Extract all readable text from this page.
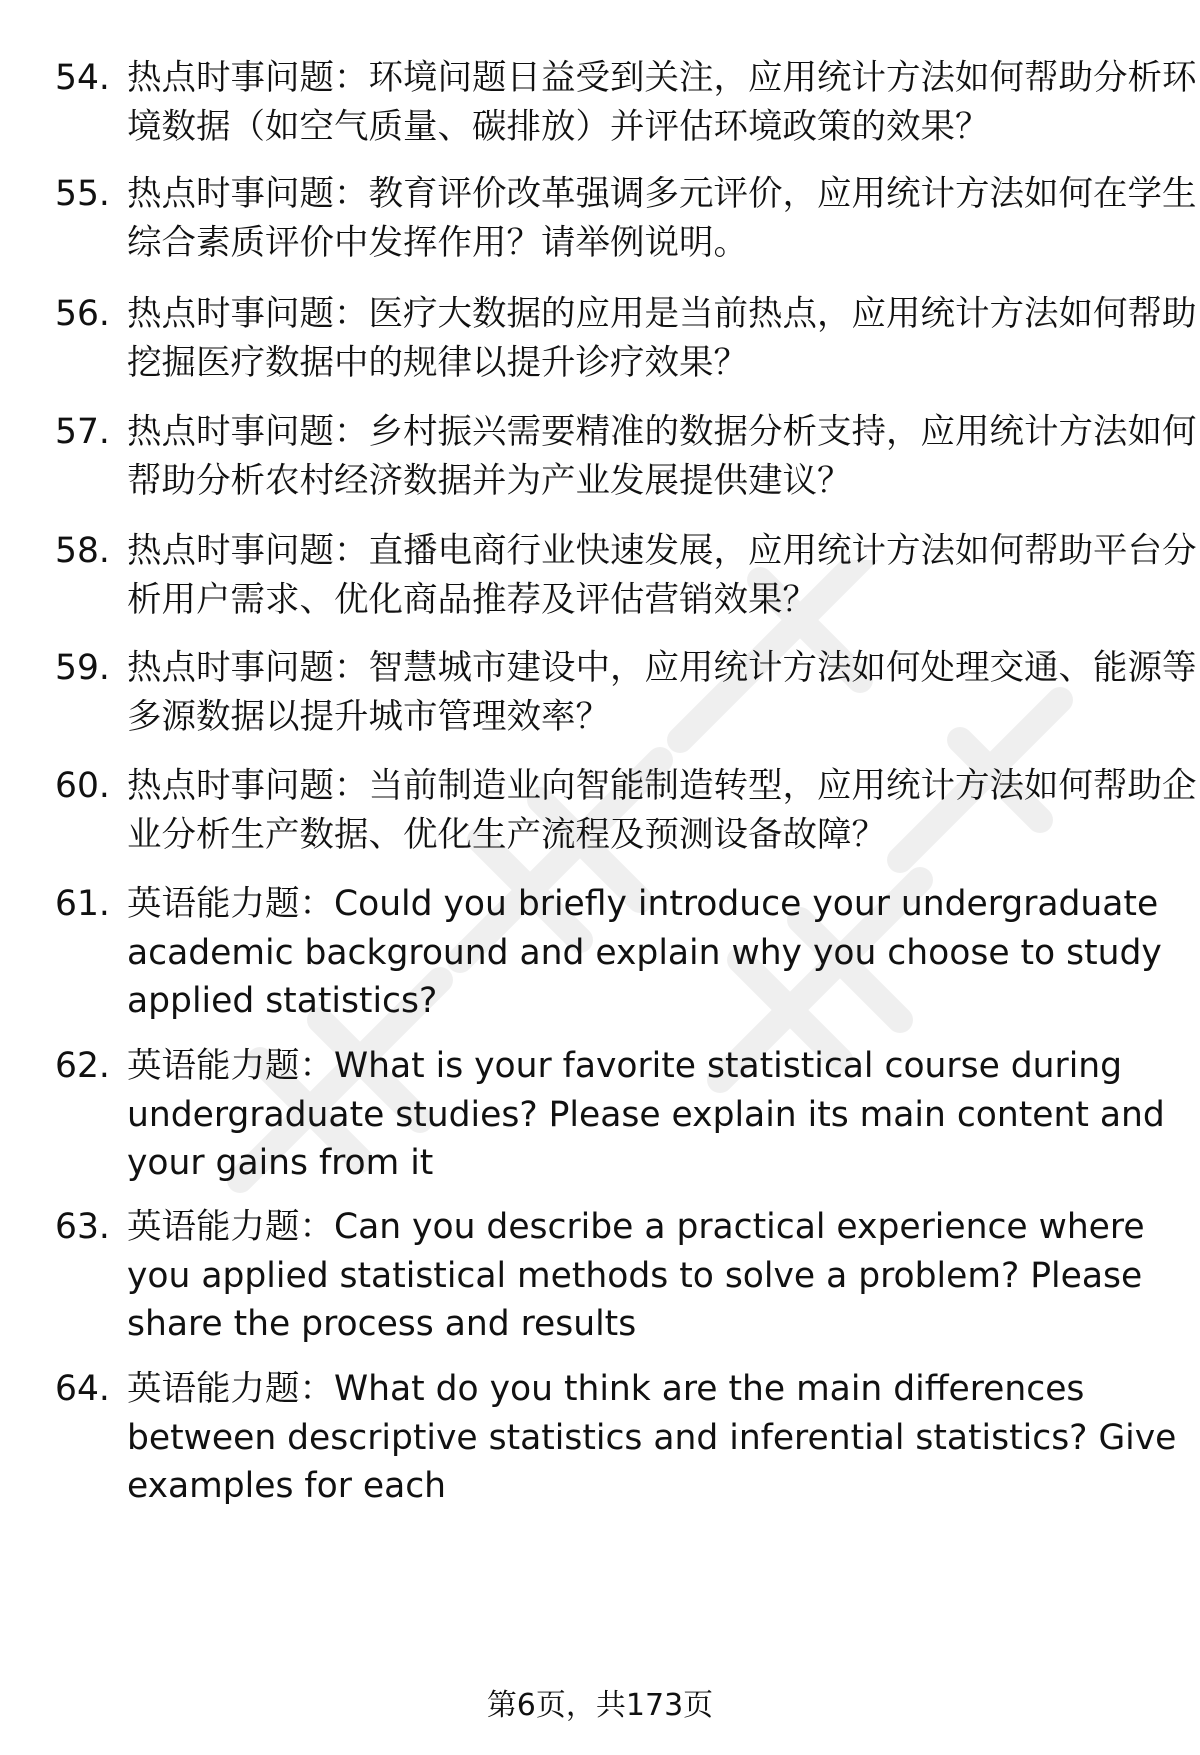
54. 热点时事问题：环境问题日益受到关注，应用统计方法如何帮助分析环境数据（如空气质量、碳排放）并评估环境政策的效果？
55. 热点时事问题：教育评价改革强调多元评价，应用统计方法如何在学生综合素质评价中发挥作用？请举例说明。
56. 热点时事问题：医疗大数据的应用是当前热点，应用统计方法如何帮助挖掘医疗数据中的规律以提升诊疗效果？
57. 热点时事问题：乡村振兴需要精准的数据分析支持，应用统计方法如何帮助分析农村经济数据并为产业发展提供建议？
58. 热点时事问题：直播电商行业快速发展，应用统计方法如何帮助平台分析用户需求、优化商品推荐及评估营销效果？
59. 热点时事问题：智慧城市建设中，应用统计方法如何处理交通、能源等多源数据以提升城市管理效率？
60. 热点时事问题：当前制造业向智能制造转型，应用统计方法如何帮助企业分析生产数据、优化生产流程及预测设备故障？
61. 英语能力题：Could you briefly introduce your undergraduate academic background and explain why you choose to study applied statistics?
62. 英语能力题：What is your favorite statistical course during undergraduate studies? Please explain its main content and your gains from it
63. 英语能力题：Can you describe a practical experience where you applied statistical methods to solve a problem? Please share the process and results
64. 英语能力题：What do you think are the main differences between descriptive statistics and inferential statistics? Give examples for each
第6页，共173页
